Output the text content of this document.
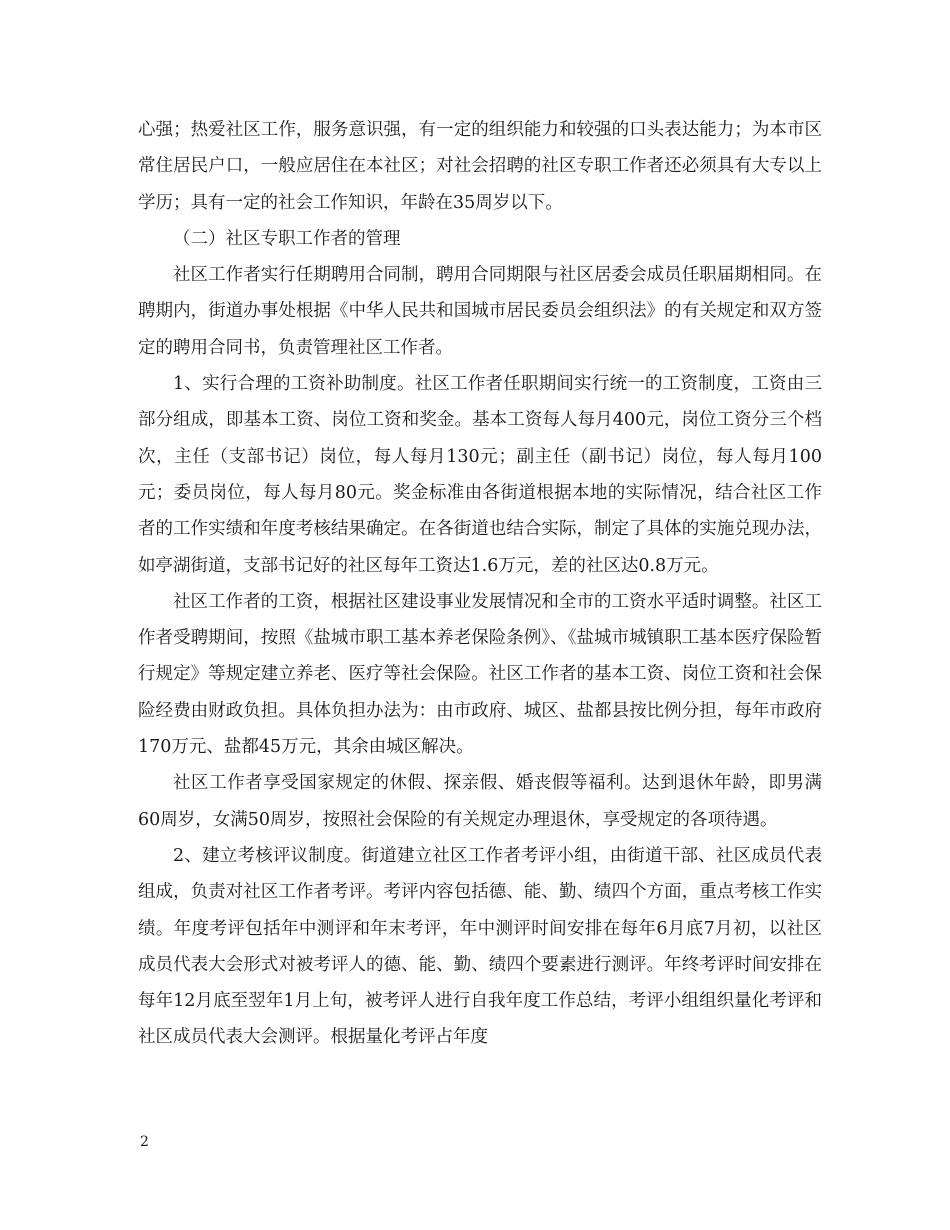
心强；热爱社区工作，服务意识强，有一定的组织能力和较强的口头表达能力；为本市区常住居民户口，一般应居住在本社区；对社会招聘的社区专职工作者还必须具有大专以上学历；具有一定的社会工作知识，年龄在35周岁以下。

（二）社区专职工作者的管理

社区工作者实行任期聘用合同制，聘用合同期限与社区居委会成员任职届期相同。在聘期内，街道办事处根据《中华人民共和国城市居民委员会组织法》的有关规定和双方签定的聘用合同书，负责管理社区工作者。

1、实行合理的工资补助制度。社区工作者任职期间实行统一的工资制度，工资由三部分组成，即基本工资、岗位工资和奖金。基本工资每人每月400元，岗位工资分三个档次，主任（支部书记）岗位，每人每月130元；副主任（副书记）岗位，每人每月100元；委员岗位，每人每月80元。奖金标准由各街道根据本地的实际情况，结合社区工作者的工作实绩和年度考核结果确定。在各街道也结合实际，制定了具体的实施兑现办法，如亭湖街道，支部书记好的社区每年工资达1.6万元，差的社区达0.8万元。

社区工作者的工资，根据社区建设事业发展情况和全市的工资水平适时调整。社区工作者受聘期间，按照《盐城市职工基本养老保险条例》、《盐城市城镇职工基本医疗保险暂行规定》等规定建立养老、医疗等社会保险。社区工作者的基本工资、岗位工资和社会保险经费由财政负担。具体负担办法为：由市政府、城区、盐都县按比例分担，每年市政府170万元、盐都45万元，其余由城区解决。

社区工作者享受国家规定的休假、探亲假、婚丧假等福利。达到退休年龄，即男满60周岁，女满50周岁，按照社会保险的有关规定办理退休，享受规定的各项待遇。

2、建立考核评议制度。街道建立社区工作者考评小组，由街道干部、社区成员代表组成，负责对社区工作者考评。考评内容包括德、能、勤、绩四个方面，重点考核工作实绩。年度考评包括年中测评和年末考评，年中测评时间安排在每年6月底7月初，以社区成员代表大会形式对被考评人的德、能、勤、绩四个要素进行测评。年终考评时间安排在每年12月底至翌年1月上旬，被考评人进行自我年度工作总结，考评小组组织量化考评和社区成员代表大会测评。根据量化考评占年度

2
